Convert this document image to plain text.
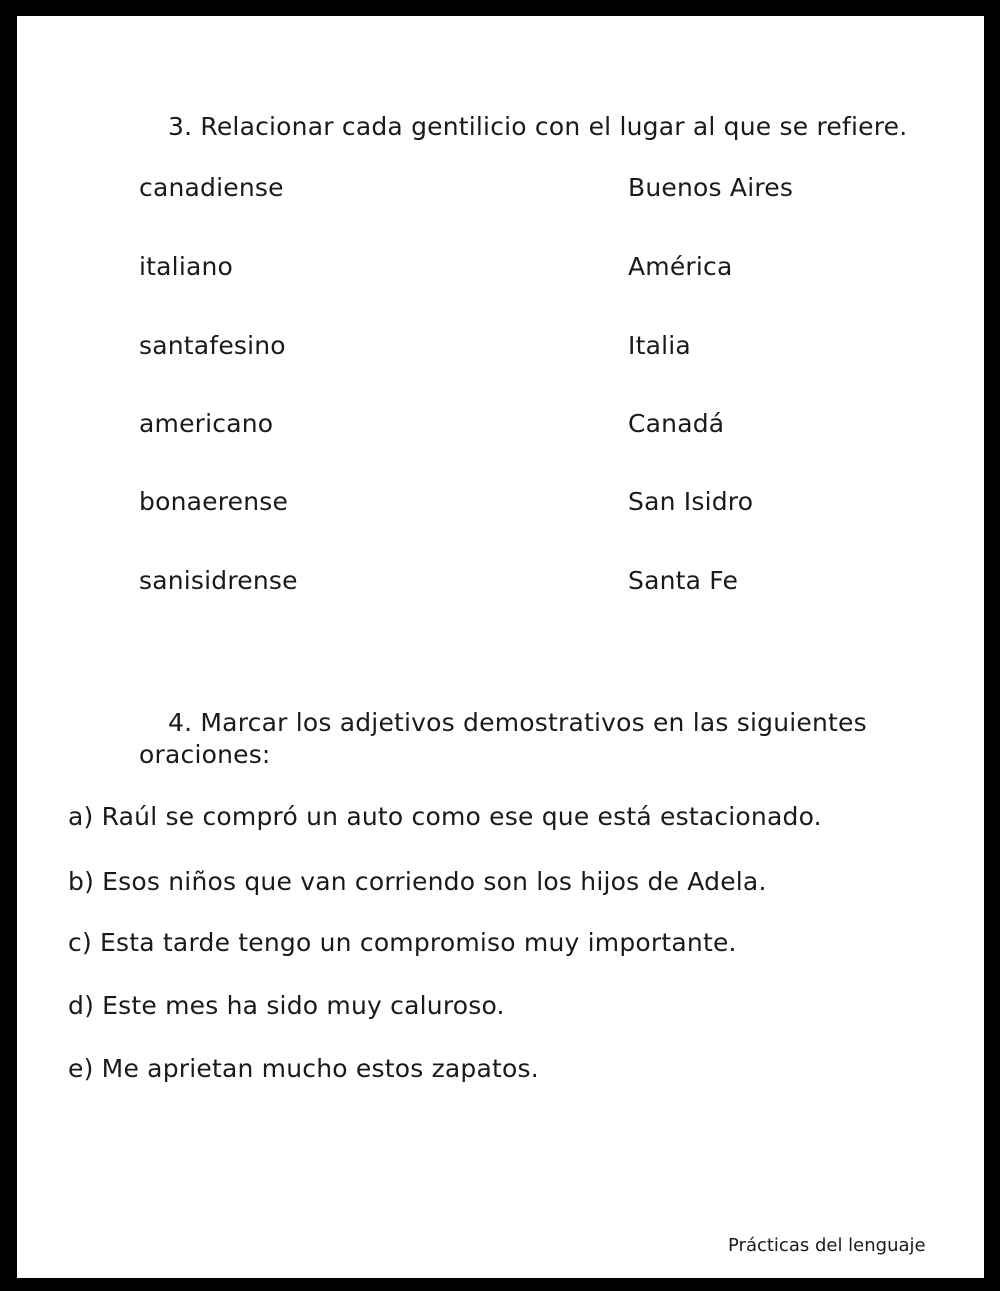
3. Relacionar cada gentilicio con el lugar al que se refiere.
canadiense
italiano
santafesino
americano
bonaerense
sanisidrense
Buenos Aires
América
Italia
Canadá
San Isidro
Santa Fe
4. Marcar los adjetivos demostrativos en las siguientes
oraciones:
a) Raúl se compró un auto como ese que está estacionado.
b) Esos niños que van corriendo son los hijos de Adela.
c) Esta tarde tengo un compromiso muy importante.
d) Este mes ha sido muy caluroso.
e) Me aprietan mucho estos zapatos.
Prácticas del lenguaje
